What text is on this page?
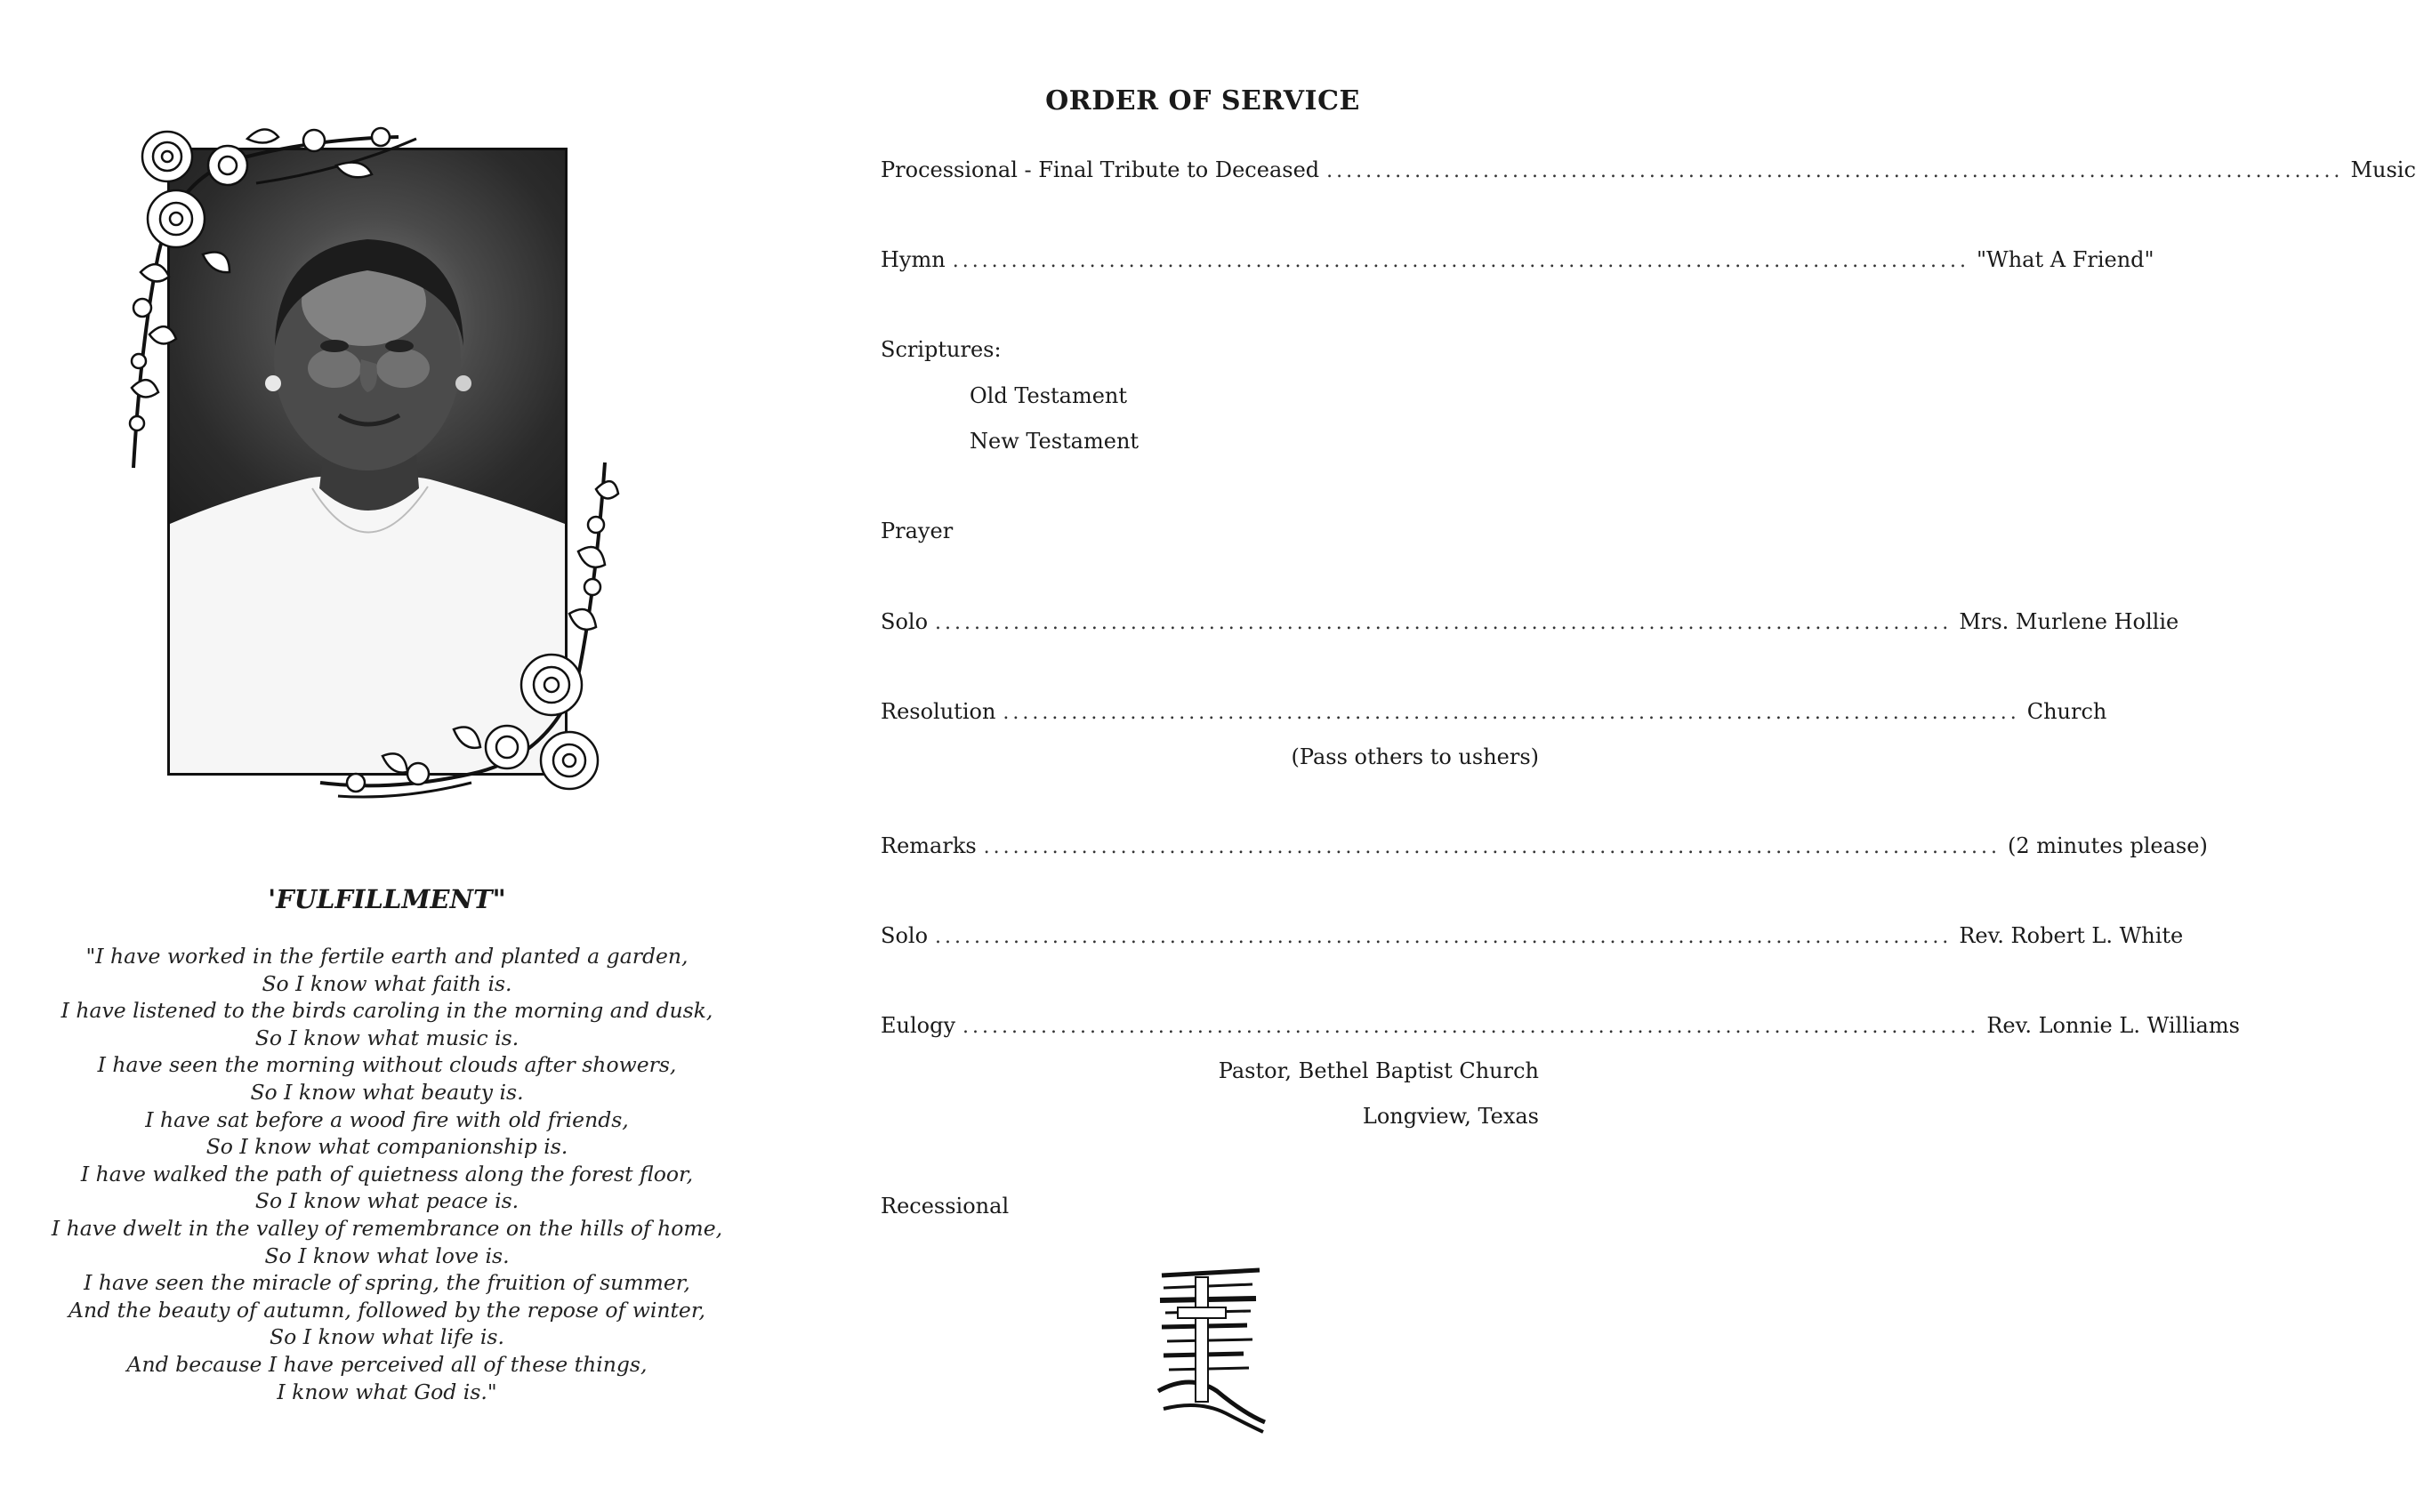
'FULFILLMENT"
"I have worked in the fertile earth and planted a garden,
So I know what faith is.
I have listened to the birds caroling in the morning and dusk,
So I know what music is.
I have seen the morning without clouds after showers,
So I know what beauty is.
I have sat before a wood fire with old friends,
So I know what companionship is.
I have walked the path of quietness along the forest floor,
So I know what peace is.
I have dwelt in the valley of remembrance on the hills of home,
So I know what love is.
I have seen the miracle of spring, the fruition of summer,
And the beauty of autumn, followed by the repose of winter,
So I know what life is.
And because I have perceived all of these things,
I know what God is."
ORDER OF SERVICE
Processional - Final Tribute to Deceased ........................................................................................................ Music
Hymn ........................................................................................................ "What A Friend"
Scriptures:
Old Testament
New Testament
Prayer
Solo ........................................................................................................ Mrs. Murlene Hollie
Resolution ........................................................................................................ Church
(Pass others to ushers)
Remarks ........................................................................................................ (2 minutes please)
Solo ........................................................................................................ Rev. Robert L. White
Eulogy ........................................................................................................ Rev. Lonnie L. Williams
Pastor, Bethel Baptist Church
Longview, Texas
Recessional
